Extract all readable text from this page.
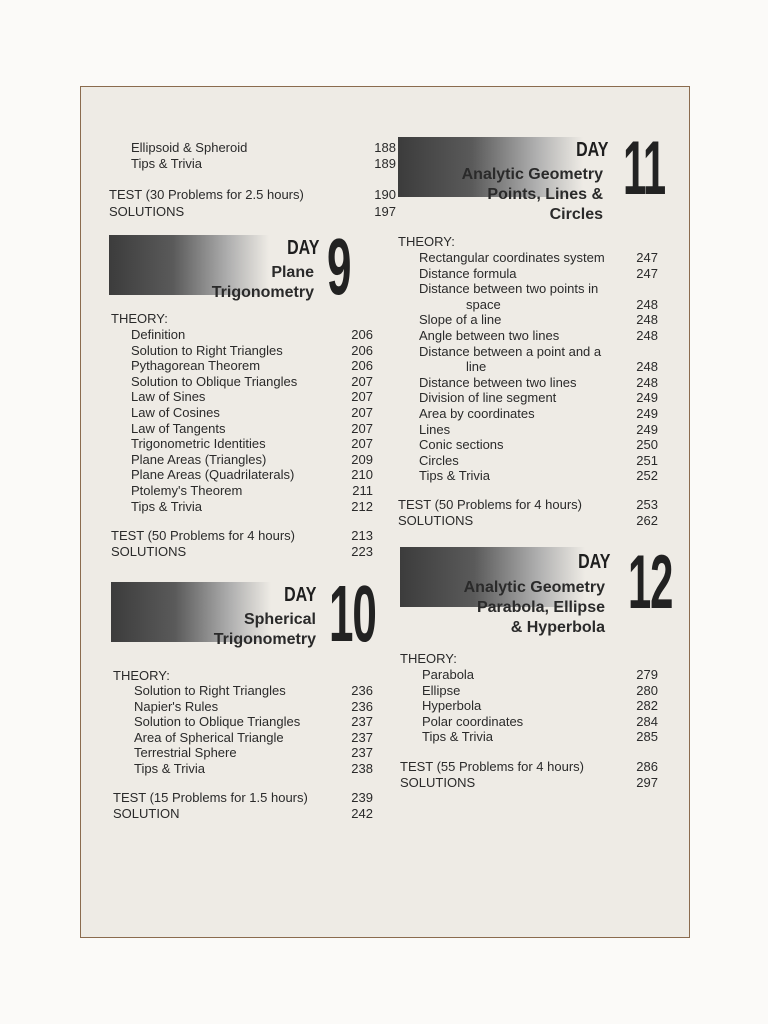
Ellipsoid & Spheroid	188
Tips & Trivia	189
TEST (30 Problems for 2.5 hours)	190
SOLUTIONS	197
DAY 9
Plane
Trigonometry
THEORY:
Definition	206
Solution to Right Triangles	206
Pythagorean Theorem	206
Solution to Oblique Triangles	207
Law of Sines	207
Law of Cosines	207
Law of Tangents	207
Trigonometric Identities	207
Plane Areas (Triangles)	209
Plane Areas (Quadrilaterals)	210
Ptolemy's Theorem	211
Tips & Trivia	212
TEST (50 Problems for 4 hours)	213
SOLUTIONS	223
DAY 10
Spherical
Trigonometry
THEORY:
Solution to Right Triangles	236
Napier's Rules	236
Solution to Oblique Triangles	237
Area of Spherical Triangle	237
Terrestrial Sphere	237
Tips & Trivia	238
TEST (15 Problems for 1.5 hours)	239
SOLUTION	242
DAY 11
Analytic Geometry
Points, Lines &
Circles
THEORY:
Rectangular coordinates system	247
Distance formula	247
Distance between two points in
space	248
Slope of a line	248
Angle between two lines	248
Distance between a point and a
line	248
Distance between two lines	248
Division of line segment	249
Area by coordinates	249
Lines	249
Conic sections	250
Circles	251
Tips & Trivia	252
TEST (50 Problems for 4 hours)	253
SOLUTIONS	262
DAY 12
Analytic Geometry
Parabola, Ellipse
& Hyperbola
THEORY:
Parabola	279
Ellipse	280
Hyperbola	282
Polar coordinates	284
Tips & Trivia	285
TEST (55 Problems for 4 hours)	286
SOLUTIONS	297
